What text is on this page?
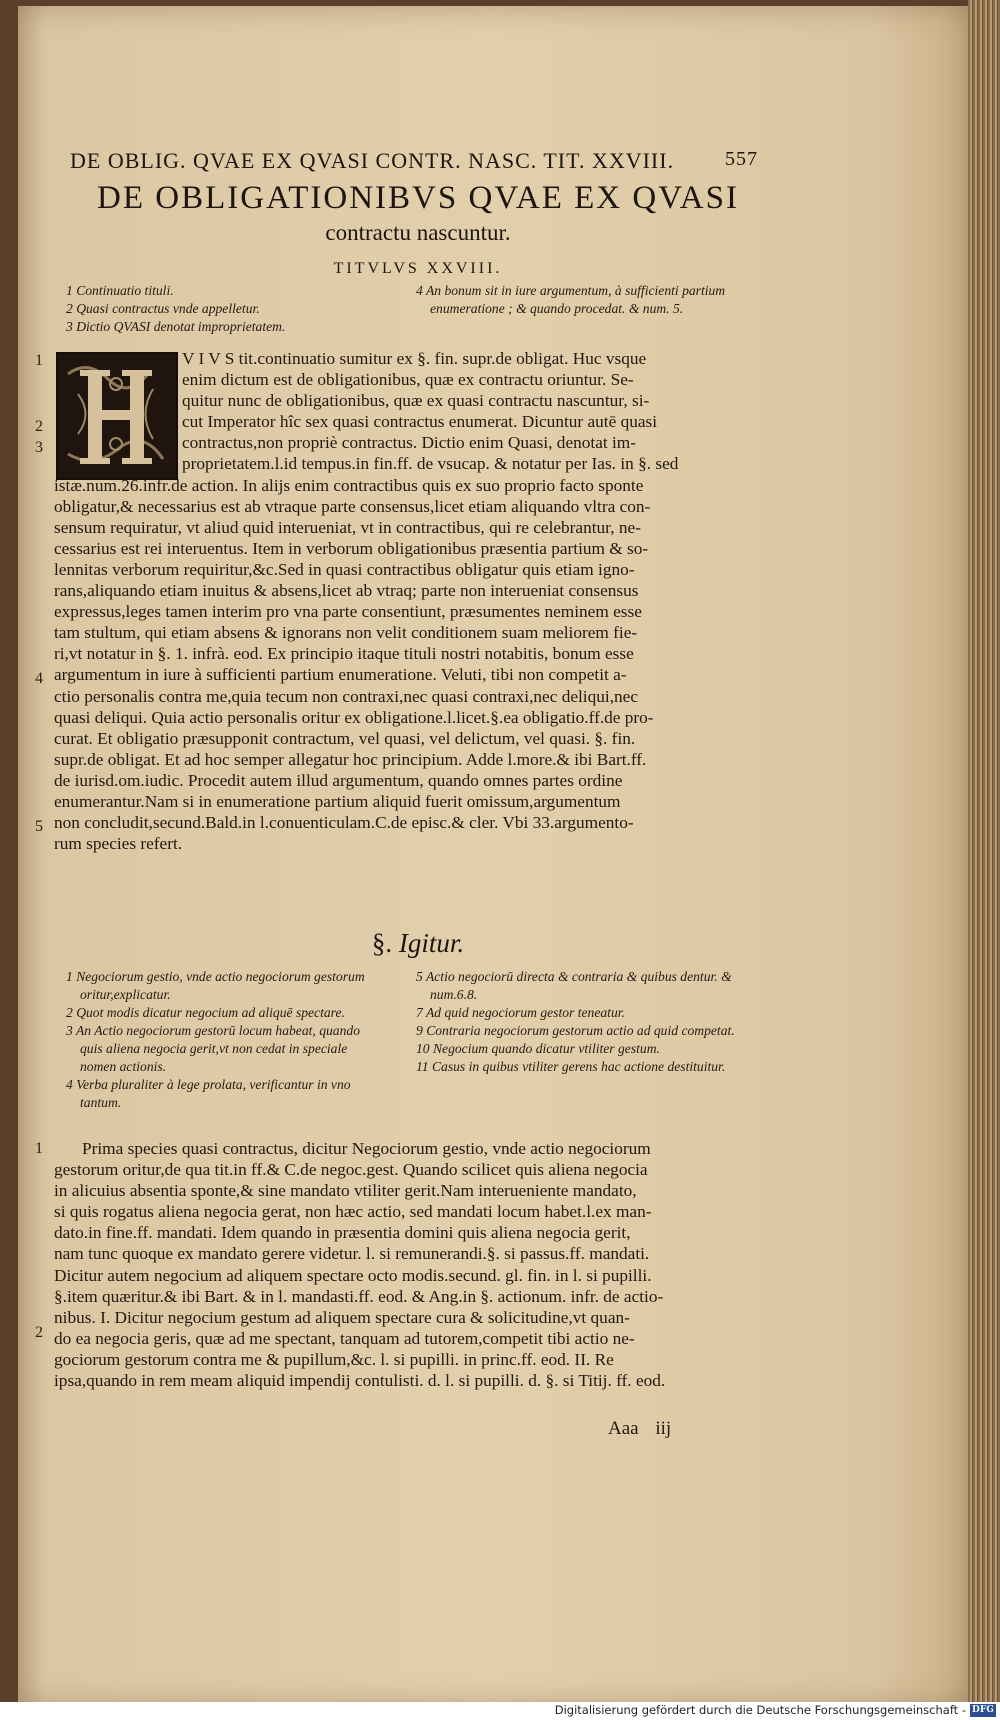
DE OBLIG. QVAE EX QVASI CONTR. NASC. TIT. XXVIII.	557
DE OBLIGATIONIBVS QVAE EX QVASI
contractu nascuntur.
TITVLVS XXVIII.
1 Continuatio tituli.
2 Quasi contractus vnde appelletur.
3 Dictio QVASI denotat improprietatem.
4 An bonum sit in iure argumentum, à sufficienti partium enumeratione ; & quando procedat. & num. 5.
1
2
3
4
5
V I V S tit.continuatio sumitur ex §. fin. supr.de obligat. Huc vsque
enim dictum est de obligationibus, quæ ex contractu oriuntur. Se-
quitur nunc de obligationibus, quæ ex quasi contractu nascuntur, si-
cut Imperator hîc sex quasi contractus enumerat. Dicuntur autē quasi
contractus,non propriè contractus. Dictio enim Quasi, denotat im-
proprietatem.l.id tempus.in fin.ff. de vsucap. & notatur per Ias. in §. sed
istæ.num.26.infr.de action. In alijs enim contractibus quis ex suo proprio facto sponte
obligatur,& necessarius est ab vtraque parte consensus,licet etiam aliquando vltra con-
sensum requiratur, vt aliud quid interueniat, vt in contractibus, qui re celebrantur, ne-
cessarius est rei interuentus. Item in verborum obligationibus præsentia partium & so-
lennitas verborum requiritur,&c.Sed in quasi contractibus obligatur quis etiam igno-
rans,aliquando etiam inuitus & absens,licet ab vtraq; parte non interueniat consensus
expressus,leges tamen interim pro vna parte consentiunt, præsumentes neminem esse
tam stultum, qui etiam absens & ignorans non velit conditionem suam meliorem fie-
ri,vt notatur in §. 1. infrà. eod. Ex principio itaque tituli nostri notabitis, bonum esse
argumentum in iure à sufficienti partium enumeratione. Veluti, tibi non competit a-
ctio personalis contra me,quia tecum non contraxi,nec quasi contraxi,nec deliqui,nec
quasi deliqui. Quia actio personalis oritur ex obligatione.l.licet.§.ea obligatio.ff.de pro-
curat. Et obligatio præsupponit contractum, vel quasi, vel delictum, vel quasi. §. fin.
supr.de obligat. Et ad hoc semper allegatur hoc principium. Adde l.more.& ibi Bart.ff.
de iurisd.om.iudic. Procedit autem illud argumentum, quando omnes partes ordine
enumerantur.Nam si in enumeratione partium aliquid fuerit omissum,argumentum
non concludit,secund.Bald.in l.conuenticulam.C.de episc.& cler. Vbi 33.argumento-
rum species refert.
§. Igitur.
1 Negociorum gestio, vnde actio negociorum gestorum oritur,explicatur.
2 Quot modis dicatur negocium ad aliquē spectare.
3 An Actio negociorum gestorū locum habeat, quando quis aliena negocia gerit,vt non cedat in speciale nomen actionis.
4 Verba pluraliter à lege prolata, verificantur in vno tantum.
5 Actio negociorū directa & contraria & quibus dentur. & num.6.8.
7 Ad quid negociorum gestor teneatur.
9 Contraria negociorum gestorum actio ad quid competat.
10 Negocium quando dicatur vtiliter gestum.
11 Casus in quibus vtiliter gerens hac actione destituitur.
1
2
Prima species quasi contractus, dicitur Negociorum gestio, vnde actio negociorum
gestorum oritur,de qua tit.in ff.& C.de negoc.gest. Quando scilicet quis aliena negocia
in alicuius absentia sponte,& sine mandato vtiliter gerit.Nam interueniente mandato,
si quis rogatus aliena negocia gerat, non hæc actio, sed mandati locum habet.l.ex man-
dato.in fine.ff. mandati. Idem quando in præsentia domini quis aliena negocia gerit,
nam tunc quoque ex mandato gerere videtur. l. si remunerandi.§. si passus.ff. mandati.
Dicitur autem negocium ad aliquem spectare octo modis.secund. gl. fin. in l. si pupilli.
§.item quæritur.& ibi Bart. & in l. mandasti.ff. eod. & Ang.in §. actionum. infr. de actio-
nibus. I. Dicitur negocium gestum ad aliquem spectare cura & solicitudine,vt quan-
do ea negocia geris, quæ ad me spectant, tanquam ad tutorem,competit tibi actio ne-
gociorum gestorum contra me & pupillum,&c. l. si pupilli. in princ.ff. eod. II. Re
ipsa,quando in rem meam aliquid impendij contulisti. d. l. si pupilli. d. §. si Titij. ff. eod.
Aaa iij
Digitalisierung gefördert durch die Deutsche Forschungsgemeinschaft - DFG
